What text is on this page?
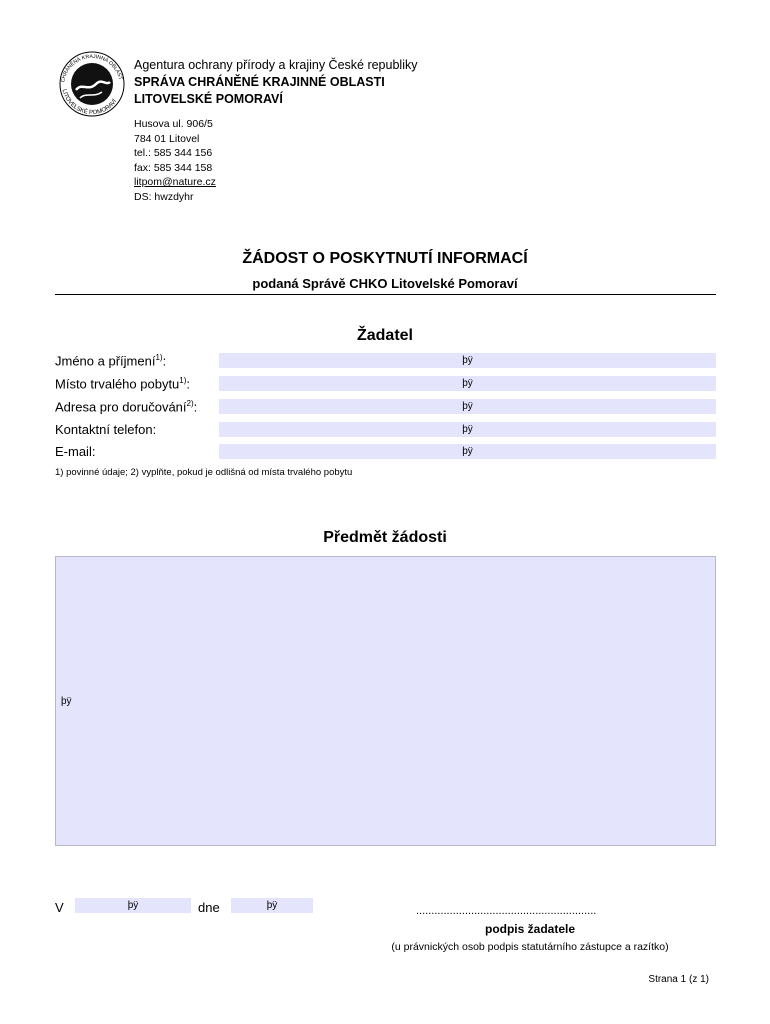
CHRÁNĚNÁ KRAJINNÁ OBLAST
LITOVELSKÉ POMORAVÍ
Agentura ochrany přírody a krajiny České republiky
SPRÁVA CHRÁNĚNÉ KRAJINNÉ OBLASTI
LITOVELSKÉ POMORAVÍ
Husova ul. 906/5
784 01 Litovel
tel.: 585 344 156
fax: 585 344 158
litpom@nature.cz
DS: hwzdyhr
ŽÁDOST O POSKYTNUTÍ INFORMACÍ
podaná Správě CHKO Litovelské Pomoraví
Žadatel
Jméno a příjmení$^{1)}$:	þÿ
Místo trvalého pobytu$^{1)}$:	þÿ
Adresa pro doručování$^{2)}$:	þÿ
Kontaktní telefon:	þÿ
E-mail:	þÿ
1) povinné údaje; 2) vyplňte, pokud je odlišná od místa trvalého pobytu
Předmět žádosti
þÿ
V	þÿ	dne	þÿ	...........................................................
podpis žadatele
(u právnických osob podpis statutárního zástupce a razítko)
Strana 1 (z 1)
